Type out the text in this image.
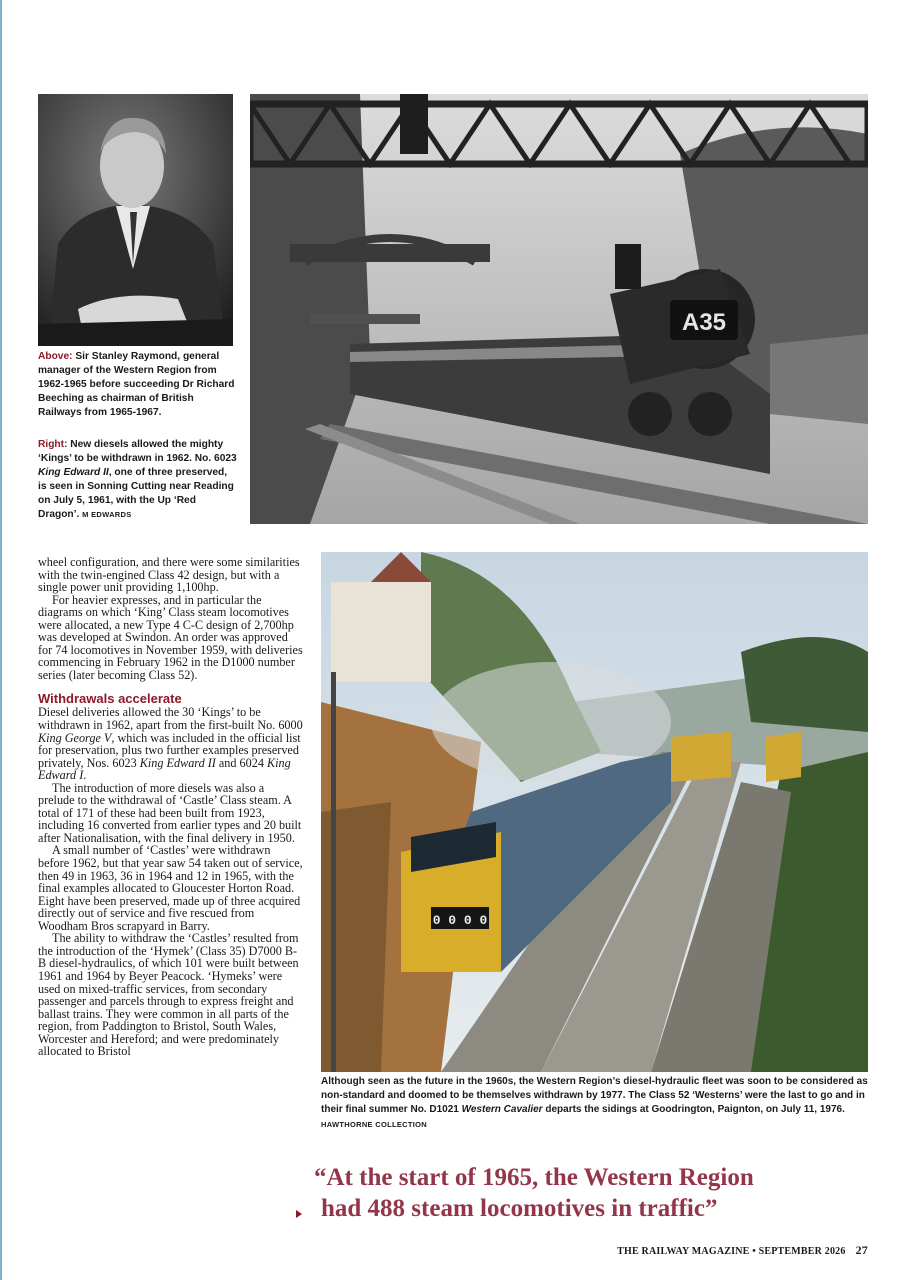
A35
Above: Sir Stanley Raymond, general manager of the Western Region from 1962-1965 before succeeding Dr Richard Beeching as chairman of British Railways from 1965-1967.
Right: New diesels allowed the mighty ‘Kings’ to be withdrawn in 1962. No. 6023 King Edward II, one of three preserved, is seen in Sonning Cutting near Reading on July 5, 1961, with the Up ‘Red Dragon’. M EDWARDS
0 0 0 0
Although seen as the future in the 1960s, the Western Region’s diesel-hydraulic fleet was soon to be considered as non-standard and doomed to be themselves withdrawn by 1977. The Class 52 ‘Westerns’ were the last to go and in their final summer No. D1021 Western Cavalier departs the sidings at Goodrington, Paignton, on July 11, 1976. HAWTHORNE COLLECTION

wheel configuration, and there were some similarities with the twin-engined Class 42 design, but with a single power unit providing 1,100hp.

For heavier expresses, and in particular the diagrams on which ‘King’ Class steam locomotives were allocated, a new Type 4 C-C design of 2,700hp was developed at Swindon. An order was approved for 74 locomotives in November 1959, with deliveries commencing in February 1962 in the D1000 number series (later becoming Class 52).

Withdrawals accelerate

Diesel deliveries allowed the 30 ‘Kings’ to be withdrawn in 1962, apart from the first-built No. 6000 King George V, which was included in the official list for preservation, plus two further examples preserved privately, Nos. 6023 King Edward II and 6024 King Edward I.

The introduction of more diesels was also a prelude to the withdrawal of ‘Castle’ Class steam. A total of 171 of these had been built from 1923, including 16 converted from earlier types and 20 built after Nationalisation, with the final delivery in 1950.

A small number of ‘Castles’ were withdrawn before 1962, but that year saw 54 taken out of service, then 49 in 1963, 36 in 1964 and 12 in 1965, with the final examples allocated to Gloucester Horton Road. Eight have been preserved, made up of three acquired directly out of service and five rescued from Woodham Bros scrapyard in Barry.

The ability to withdraw the ‘Castles’ resulted from the introduction of the ‘Hymek’ (Class 35) D7000 B-B diesel-hydraulics, of which 101 were built between 1961 and 1964 by Beyer Peacock. ‘Hymeks’ were used on mixed-traffic services, from secondary passenger and parcels through to express freight and ballast trains. They were common in all parts of the region, from Paddington to Bristol, South Wales, Worcester and Hereford; and were predominately allocated to Bristol

“At the start of 1965, the Western Region
had 488 steam locomotives in traffic”
THE RAILWAY MAGAZINE • SEPTEMBER 2026 27
